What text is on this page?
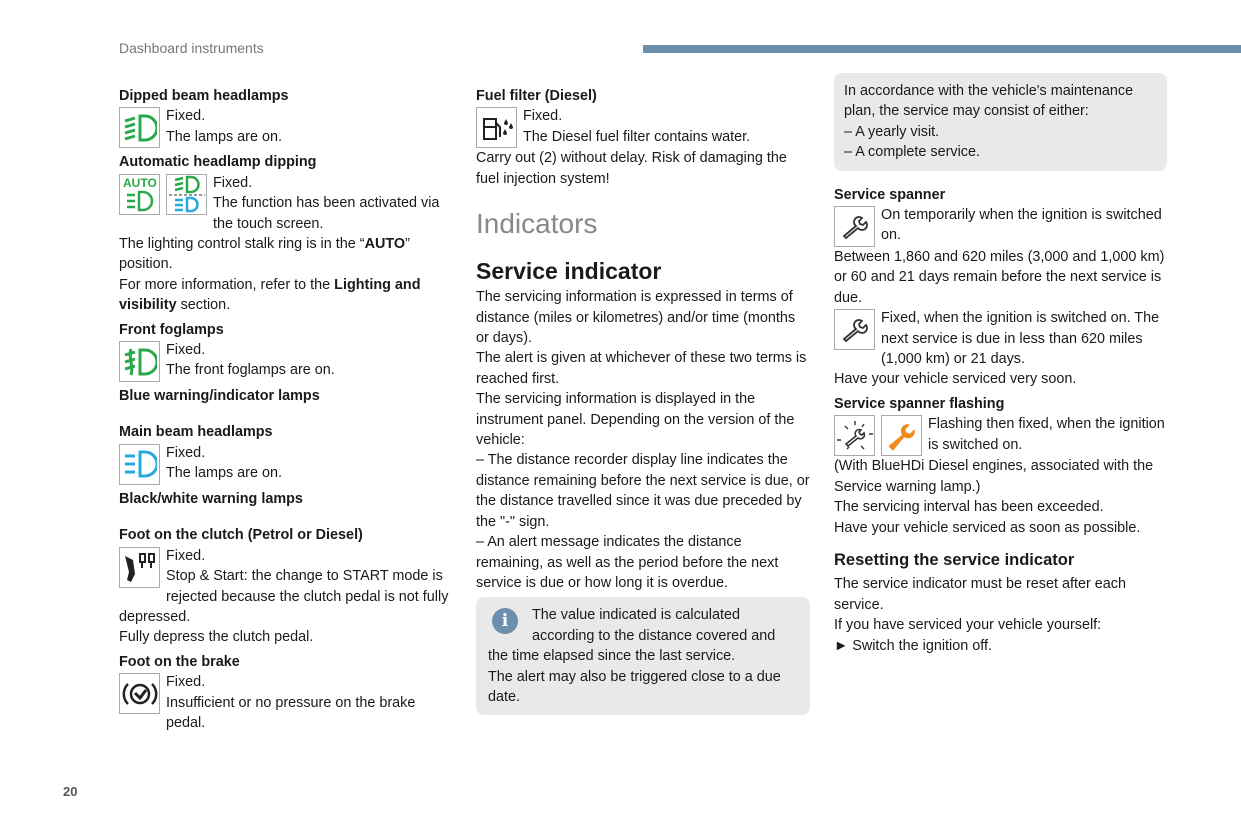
Dashboard instruments
20
Dipped beam headlamps

Fixed.

The lamps are on.

Automatic headlamp dipping
AUTO	Fixed.

The function has been activated via the touch screen.

The lighting control stalk ring is in the “AUTO” position.

For more information, refer to the Lighting and visibility section.

Front foglamps

Fixed.

The front foglamps are on.

Blue warning/indicator lamps
Main beam headlamps

Fixed.

The lamps are on.

Black/white warning lamps
Foot on the clutch (Petrol or Diesel)

Fixed.

Stop & Start: the change to START mode is rejected because the clutch pedal is not fully depressed.

Fully depress the clutch pedal.

Foot on the brake

Fixed.

Insufficient or no pressure on the brake pedal.

Fuel filter (Diesel)

Fixed.

The Diesel fuel filter contains water.

Carry out (2) without delay. Risk of damaging the fuel injection system!

Indicators
Service indicator

The servicing information is expressed in terms of distance (miles or kilometres) and/or time (months or days).

The alert is given at whichever of these two terms is reached first.

The servicing information is displayed in the instrument panel. Depending on the version of the vehicle:

– The distance recorder display line indicates the distance remaining before the next service is due, or the distance travelled since it was due preceded by the "-" sign.

– An alert message indicates the distance remaining, as well as the period before the next service is due or how long it is overdue.

i	The value indicated is calculated according to the distance covered and the time elapsed since the last service.

The alert may also be triggered close to a due date.

In accordance with the vehicle's maintenance plan, the service may consist of either:

– A yearly visit.

– A complete service.

Service spanner

On temporarily when the ignition is switched on.

Between 1,860 and 620 miles (3,000 and 1,000 km) or 60 and 21 days remain before the next service is due.

Fixed, when the ignition is switched on. The next service is due in less than 620 miles (1,000 km) or 21 days.

Have your vehicle serviced very soon.

Service spanner flashing

Flashing then fixed, when the ignition is switched on.

(With BlueHDi Diesel engines, associated with the Service warning lamp.)

The servicing interval has been exceeded.

Have your vehicle serviced as soon as possible.

Resetting the service indicator

The service indicator must be reset after each service.

If you have serviced your vehicle yourself:

► Switch the ignition off.
